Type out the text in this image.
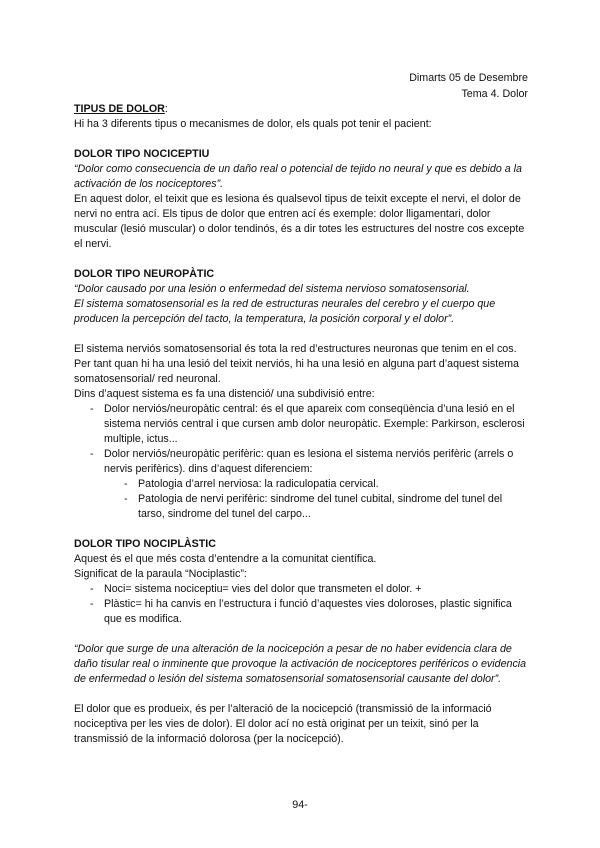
Dimarts 05 de Desembre
Tema 4. Dolor
TIPUS DE DOLOR:

Hi ha 3 diferents tipus o mecanismes de dolor, els quals pot tenir el pacient:

DOLOR TIPO NOCICEPTIU

“Dolor como consecuencia de un daño real o potencial de tejido no neural y que es debido a la activación de los nociceptores”.

En aquest dolor, el teixit que es lesiona és qualsevol tipus de teixit excepte el nervi, el dolor de nervi no entra ací. Els tipus de dolor que entren ací és exemple: dolor lligamentari, dolor muscular (lesió muscular) o dolor tendinós, és a dir totes les estructures del nostre cos excepte el nervi.

DOLOR TIPO NEUROPÀTIC

“Dolor causado por una lesión o enfermedad del sistema nervioso somatosensorial.

El sistema somatosensorial es la red de estructuras neurales del cerebro y el cuerpo que producen la percepción del tacto, la temperatura, la posición corporal y el dolor”.

El sistema nerviós somatosensorial és tota la red d’estructures neuronas que tenim en el cos. Per tant quan hi ha una lesió del teixit nerviós, hi ha una lesió en alguna part d’aquest sistema somatosensorial/ red neuronal.

Dins d’aquest sistema es fa una distenció/ una subdivisió entre:

- Dolor nerviós/neuropàtic central: és el que apareix com conseqüència d’una lesió en el sistema nerviós central i que cursen amb dolor neuropàtic. Exemple: Parkirson, esclerosi multiple, ictus...
- Dolor nerviós/neuropàtic perifèric: quan es lesiona el sistema nerviós perifèric (arrels o nervis perifèrics). dins d’aquest diferenciem:
- Patologia d’arrel nerviosa: la radiculopatia cervical.
- Patologia de nervi perifèric: sindrome del tunel cubital, sindrome del tunel del tarso, sindrome del tunel del carpo...
DOLOR TIPO NOCIPLÀSTIC

Aquest és el que més costa d’entendre a la comunitat científica.

Significat de la paraula “Nociplastic”:

- Noci= sistema nociceptiu= vies del dolor que transmeten el dolor. +
- Plàstic= hi ha canvis en l’estructura i funció d’aquestes vies doloroses, plastic significa que es modifica.

“Dolor que surge de una alteración de la nocicepción a pesar de no haber evidencia clara de daño tisular real o inminente que provoque la activación de nociceptores periféricos o evidencia de enfermedad o lesión del sistema somatosensorial somatosensorial causante del dolor”.

El dolor que es produeix, és per l’alteració de la nocicepció (transmissió de la informació nociceptiva per les vies de dolor). El dolor ací no està originat per un teixit, sinó per la transmissió de la informació dolorosa (per la nocicepció).

94-
